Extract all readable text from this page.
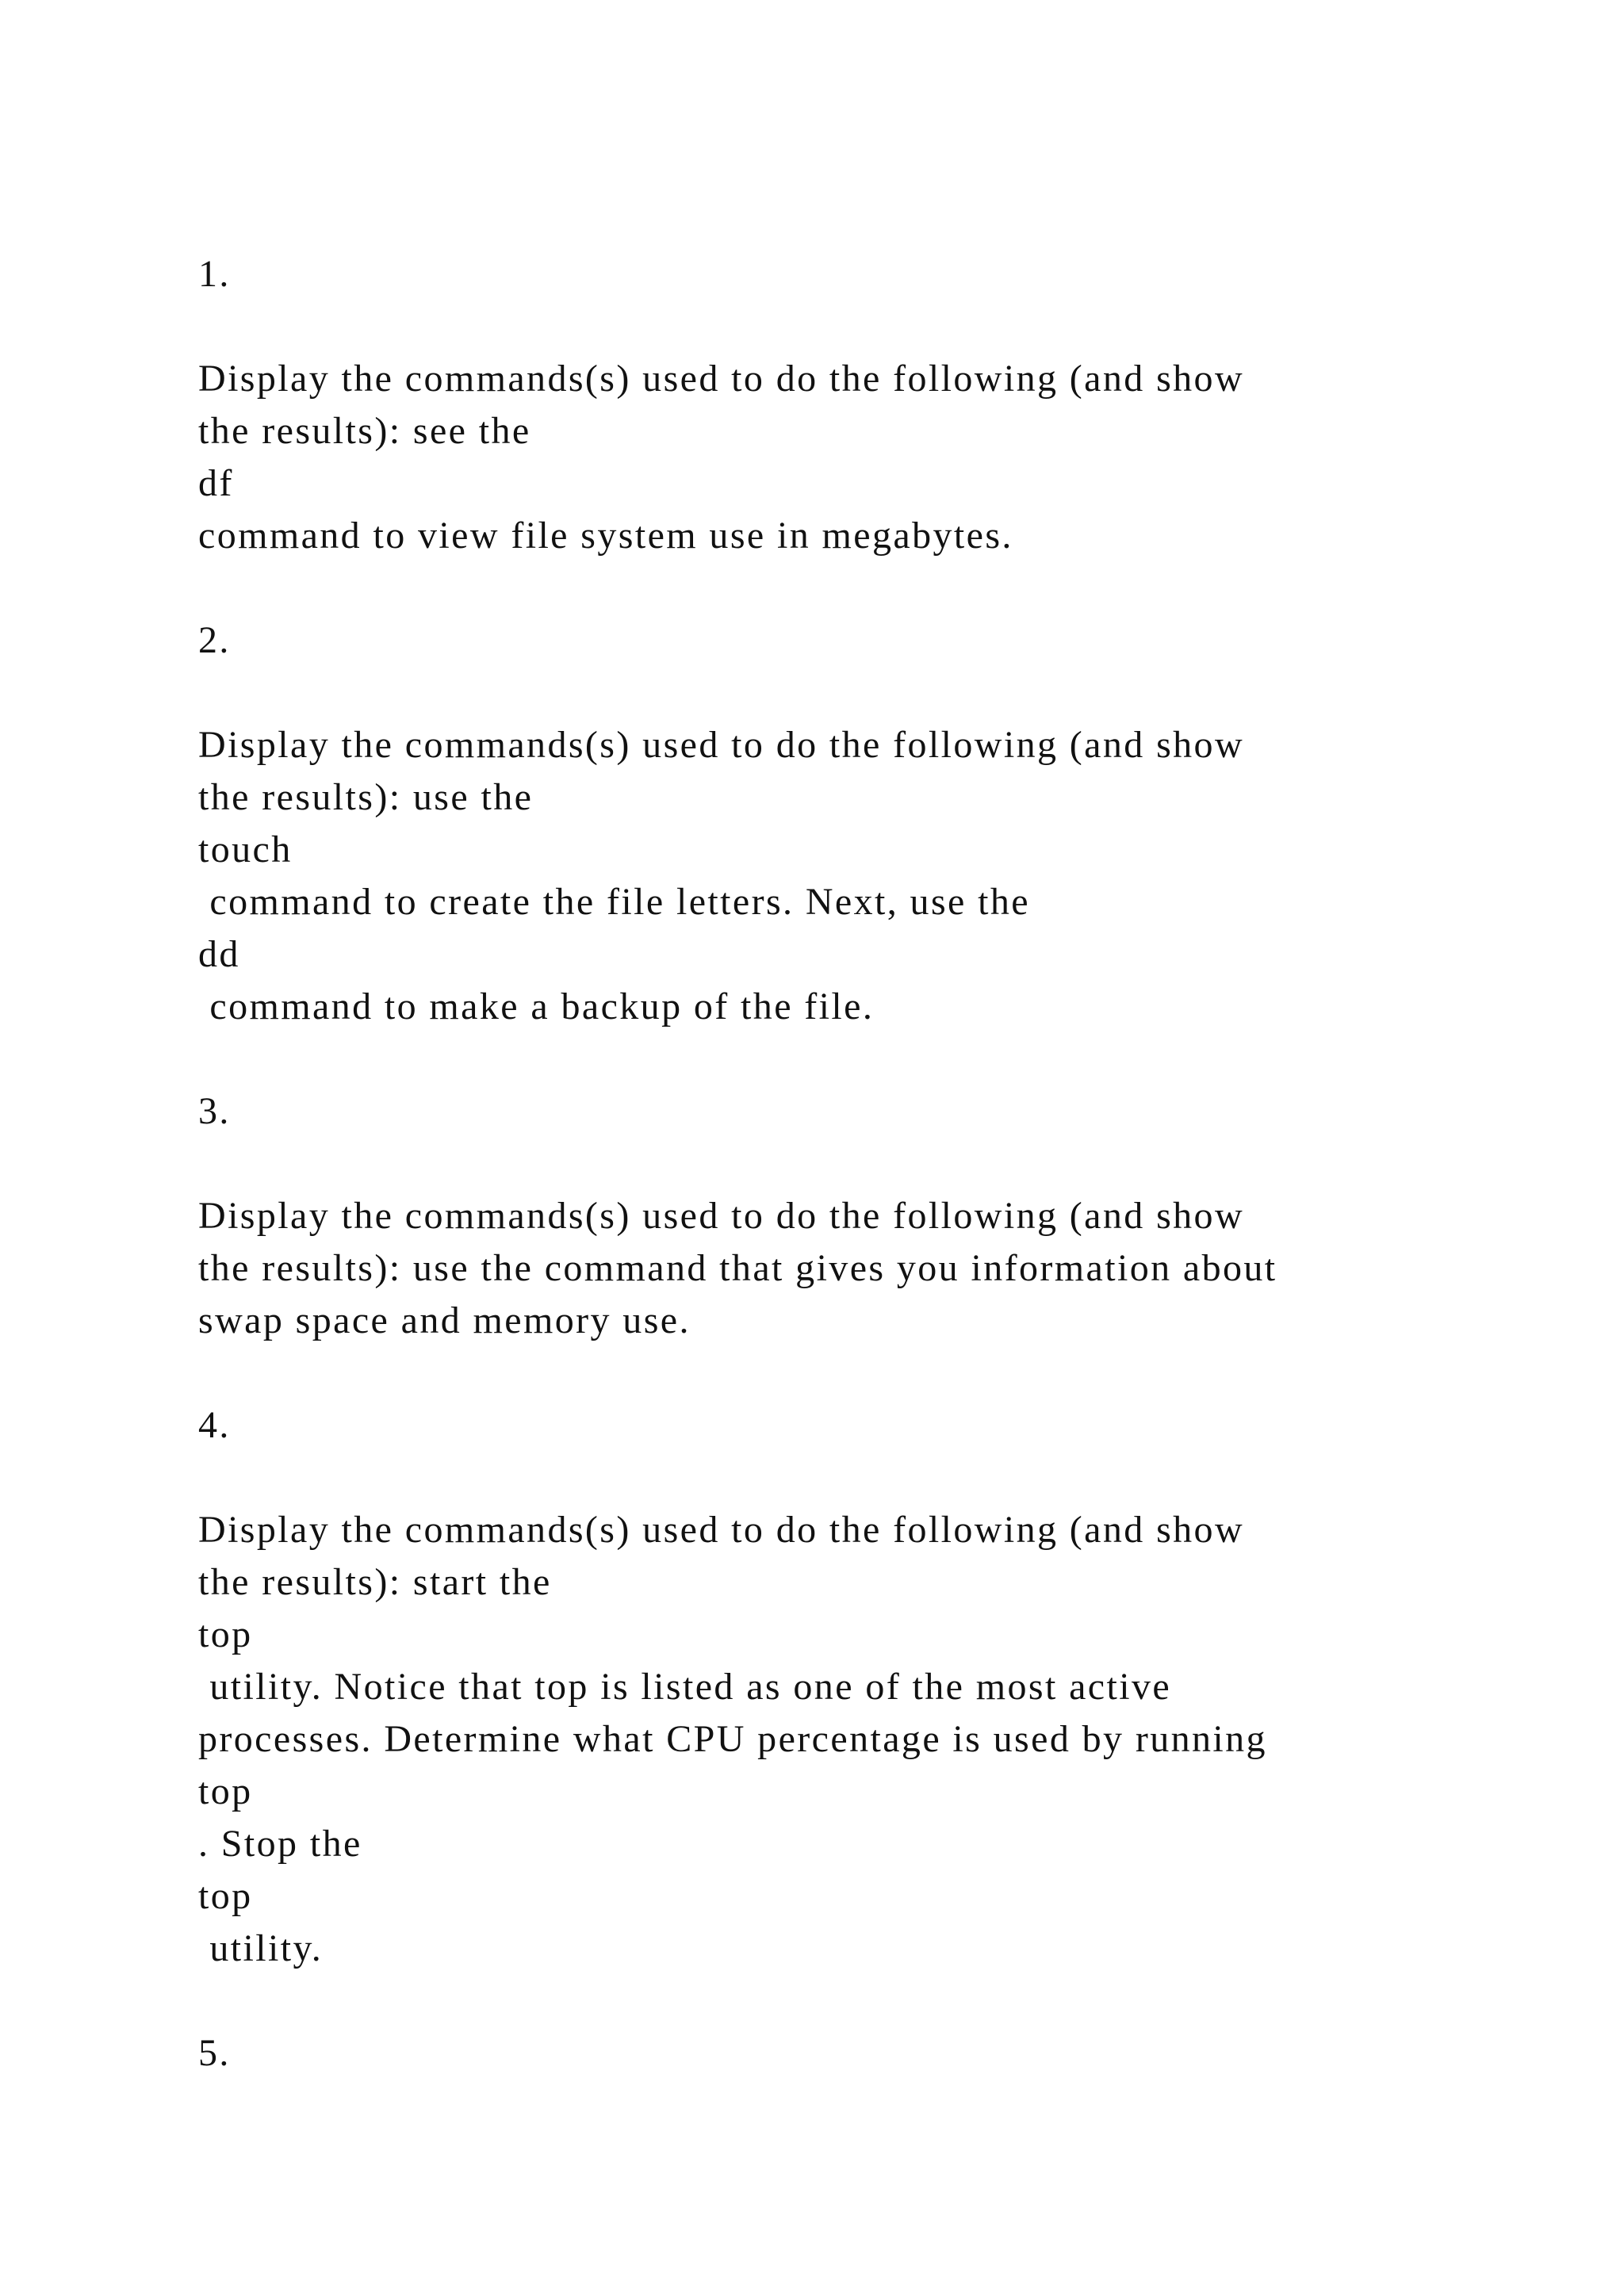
1.
Display the commands(s) used to do the following (and show
the results): see the
df
command to view file system use in megabytes.
2.
Display the commands(s) used to do the following (and show
the results): use the
touch
command to create the file letters. Next, use the
dd
command to make a backup of the file.
3.
Display the commands(s) used to do the following (and show
the results): use the command that gives you information about
swap space and memory use.
4.
Display the commands(s) used to do the following (and show
the results): start the
top
utility. Notice that top is listed as one of the most active
processes. Determine what CPU percentage is used by running
top
. Stop the
top
utility.
5.
